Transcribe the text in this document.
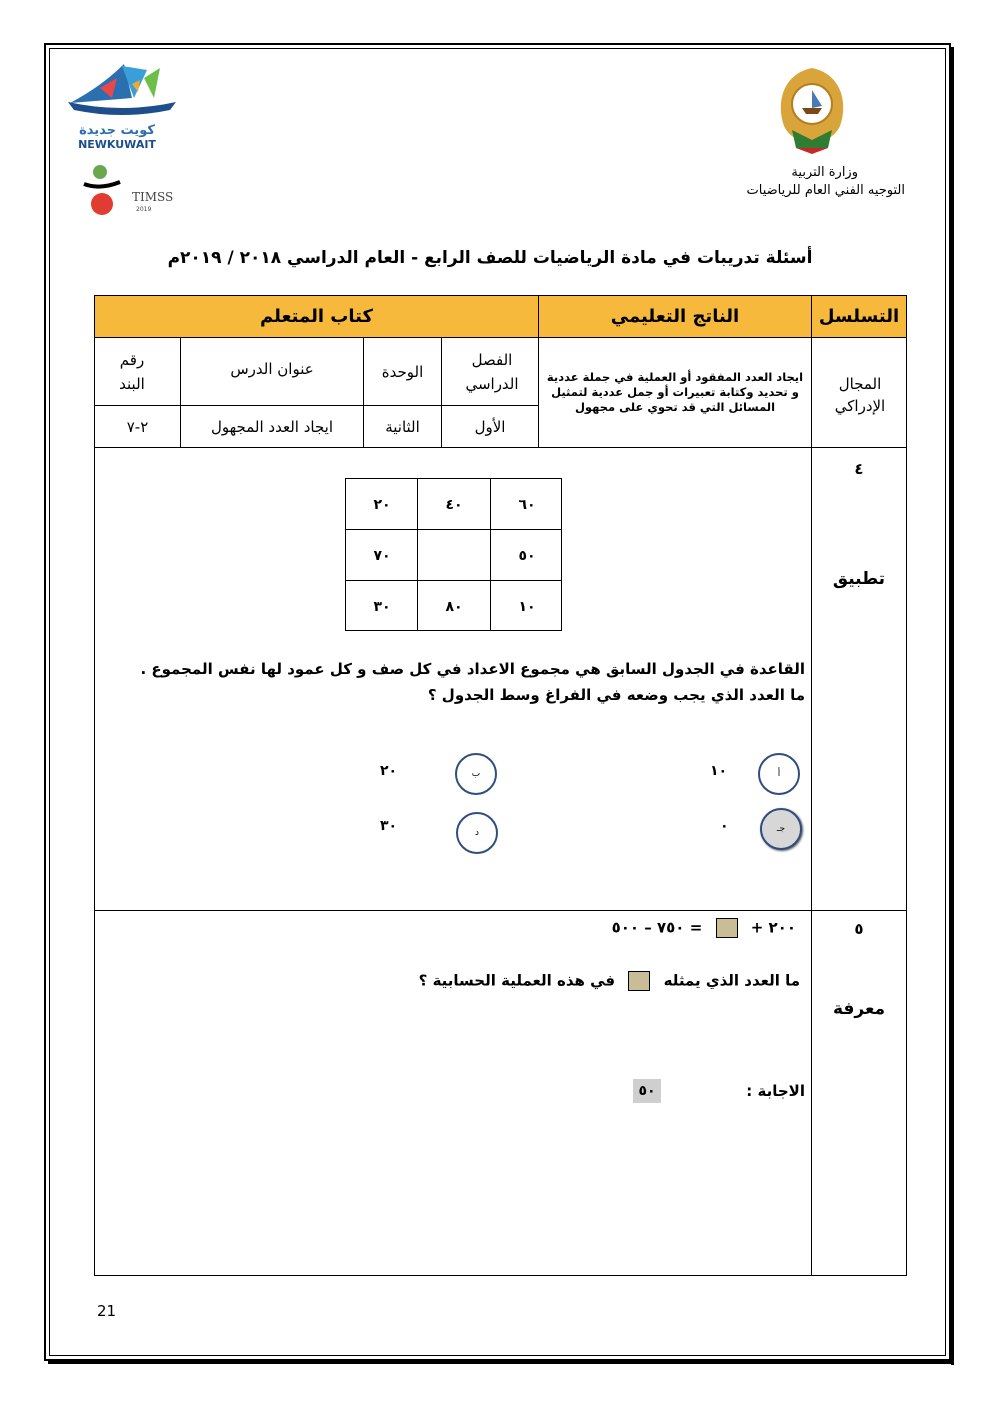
كويت جديدة
NEWKUWAIT
TIMSS
2019
وزارة التربية
التوجيه الفني العام للرياضيات
أسئلة تدريبات في مادة الرياضيات للصف الرابع - العام الدراسي ٢٠١٨ / ٢٠١٩م
التسلسل
الناتج التعليمي
كتاب المتعلم
المجال الإدراكي
ايجاد العدد المفقود أو العملية في جملة عددية و تحديد وكتابة تعبيرات أو جمل عددية لتمثيل المسائل التي قد تحوي على مجهول
الفصل الدراسي
الوحدة
عنوان الدرس
رقم البند
الأول
الثانية
ايجاد العدد المجهول
٢-٧
٤
تطبيق
٦٠
٤٠
٢٠
٥٠
٧٠
١٠
٨٠
٣٠
القاعدة في الجدول السابق هي مجموع الاعداد في كل صف و كل عمود لها نفس المجموع .
ما العدد الذي يجب وضعه في الفراغ وسط الجدول ؟
أ
١٠
ب
٢٠
جـ
٠
د
٣٠
٥
معرفة
٢٠٠ +  = ٧٥٠ – ٥٠٠
ما العدد الذي يمثله  في هذه العملية الحسابية ؟
الاجابة :
٥٠
21
